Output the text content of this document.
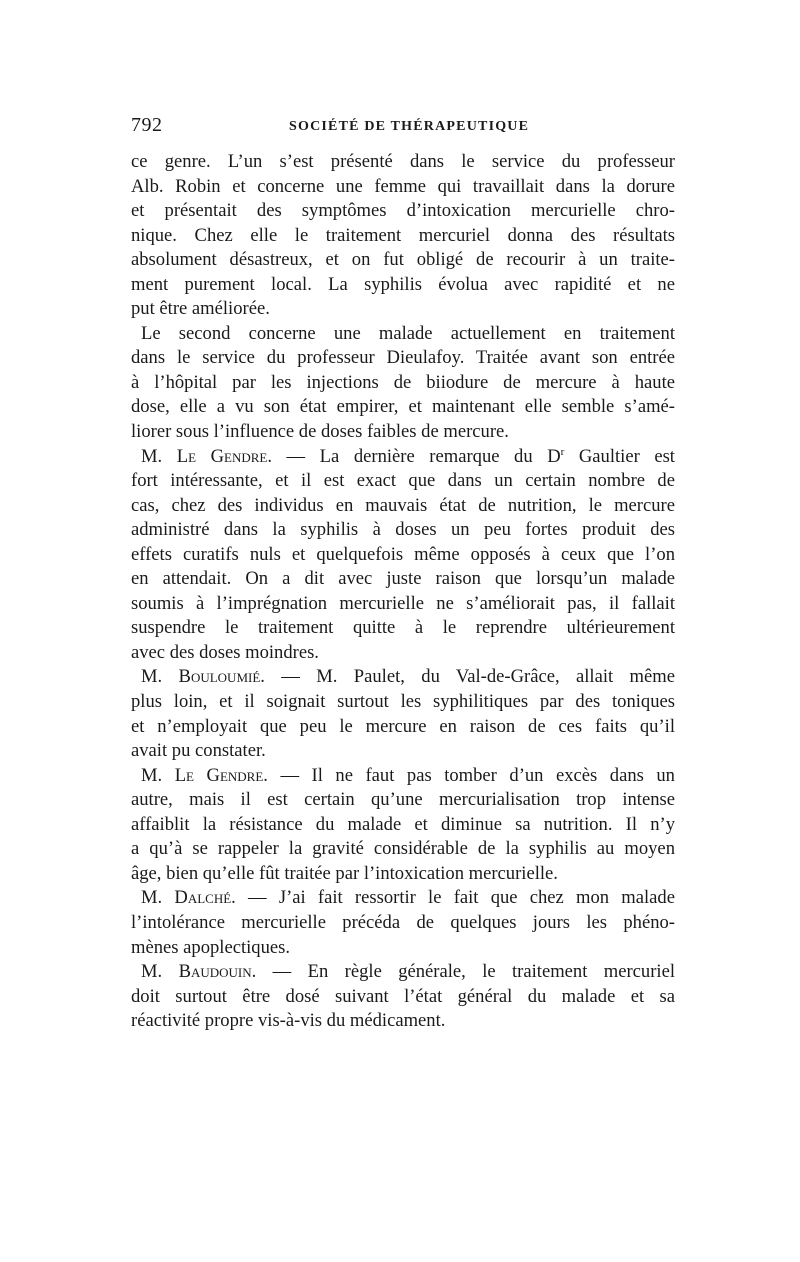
792	SOCIÉTÉ DE THÉRAPEUTIQUE
ce genre. L’un s’est présenté dans le service du professeur
Alb. Robin et concerne une femme qui travaillait dans la dorure
et présentait des symptômes d’intoxication mercurielle chro-
nique. Chez elle le traitement mercuriel donna des résultats
absolument désastreux, et on fut obligé de recourir à un traite-
ment purement local. La syphilis évolua avec rapidité et ne
put être améliorée.
Le second concerne une malade actuellement en traitement
dans le service du professeur Dieulafoy. Traitée avant son entrée
à l’hôpital par les injections de biiodure de mercure à haute
dose, elle a vu son état empirer, et maintenant elle semble s’amé-
liorer sous l’influence de doses faibles de mercure.
M. Le Gendre. — La dernière remarque du $D^r$ Gaultier est
fort intéressante, et il est exact que dans un certain nombre de
cas, chez des individus en mauvais état de nutrition, le mercure
administré dans la syphilis à doses un peu fortes produit des
effets curatifs nuls et quelquefois même opposés à ceux que l’on
en attendait. On a dit avec juste raison que lorsqu’un malade
soumis à l’imprégnation mercurielle ne s’améliorait pas, il fallait
suspendre le traitement quitte à le reprendre ultérieurement
avec des doses moindres.
M. Bouloumié. — M. Paulet, du Val-de-Grâce, allait même
plus loin, et il soignait surtout les syphilitiques par des toniques
et n’employait que peu le mercure en raison de ces faits qu’il
avait pu constater.
M. Le Gendre. — Il ne faut pas tomber d’un excès dans un
autre, mais il est certain qu’une mercurialisation trop intense
affaiblit la résistance du malade et diminue sa nutrition. Il n’y
a qu’à se rappeler la gravité considérable de la syphilis au moyen
âge, bien qu’elle fût traitée par l’intoxication mercurielle.
M. Dalché. — J’ai fait ressortir le fait que chez mon malade
l’intolérance mercurielle précéda de quelques jours les phéno-
mènes apoplectiques.
M. Baudouin. — En règle générale, le traitement mercuriel
doit surtout être dosé suivant l’état général du malade et sa
réactivité propre vis-à-vis du médicament.
